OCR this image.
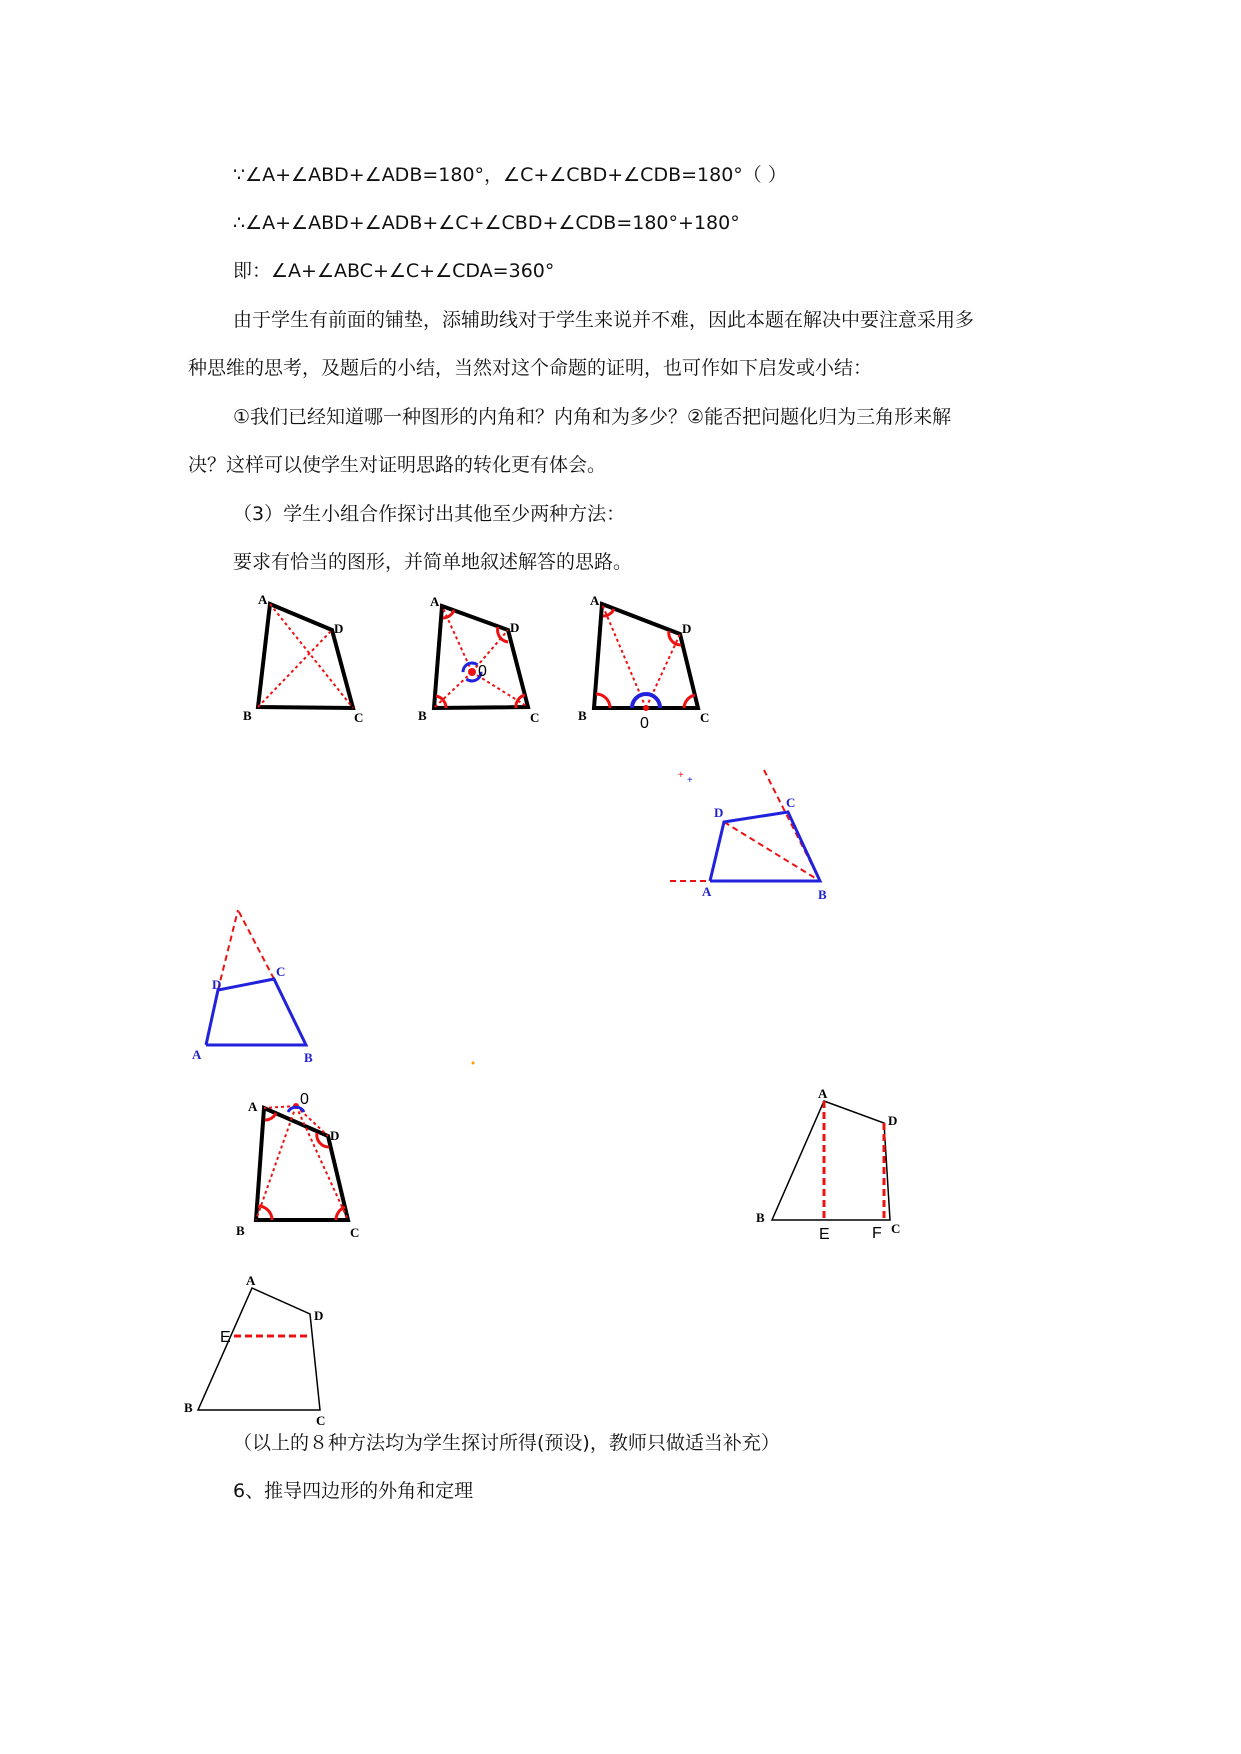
∵∠A+∠ABD+∠ADB=180°，∠C+∠CBD+∠CDB=180°（ ）
∴∠A+∠ABD+∠ADB+∠C+∠CBD+∠CDB=180°+180°
即：∠A+∠ABC+∠C+∠CDA=360°
由于学生有前面的铺垫，添辅助线对于学生来说并不难，因此本题在解决中要注意采用多
种思维的思考，及题后的小结，当然对这个命题的证明，也可作如下启发或小结：
①我们已经知道哪一种图形的内角和？内角和为多少？②能否把问题化归为三角形来解
决？这样可以使学生对证明思路的转化更有体会。
（3）学生小组合作探讨出其他至少两种方法：
要求有恰当的图形，并简单地叙述解答的思路。
（以上的８种方法均为学生探讨所得(预设)，教师只做适当补充）
6、推导四边形的外角和定理
A
D
B	C
A
D
0
B	C
A
D
B	C
0
+ +
D
C
A	B
D
C
A	B
A	0
D
B	C
A
D
B
E	F C
A
E
D
B
C
